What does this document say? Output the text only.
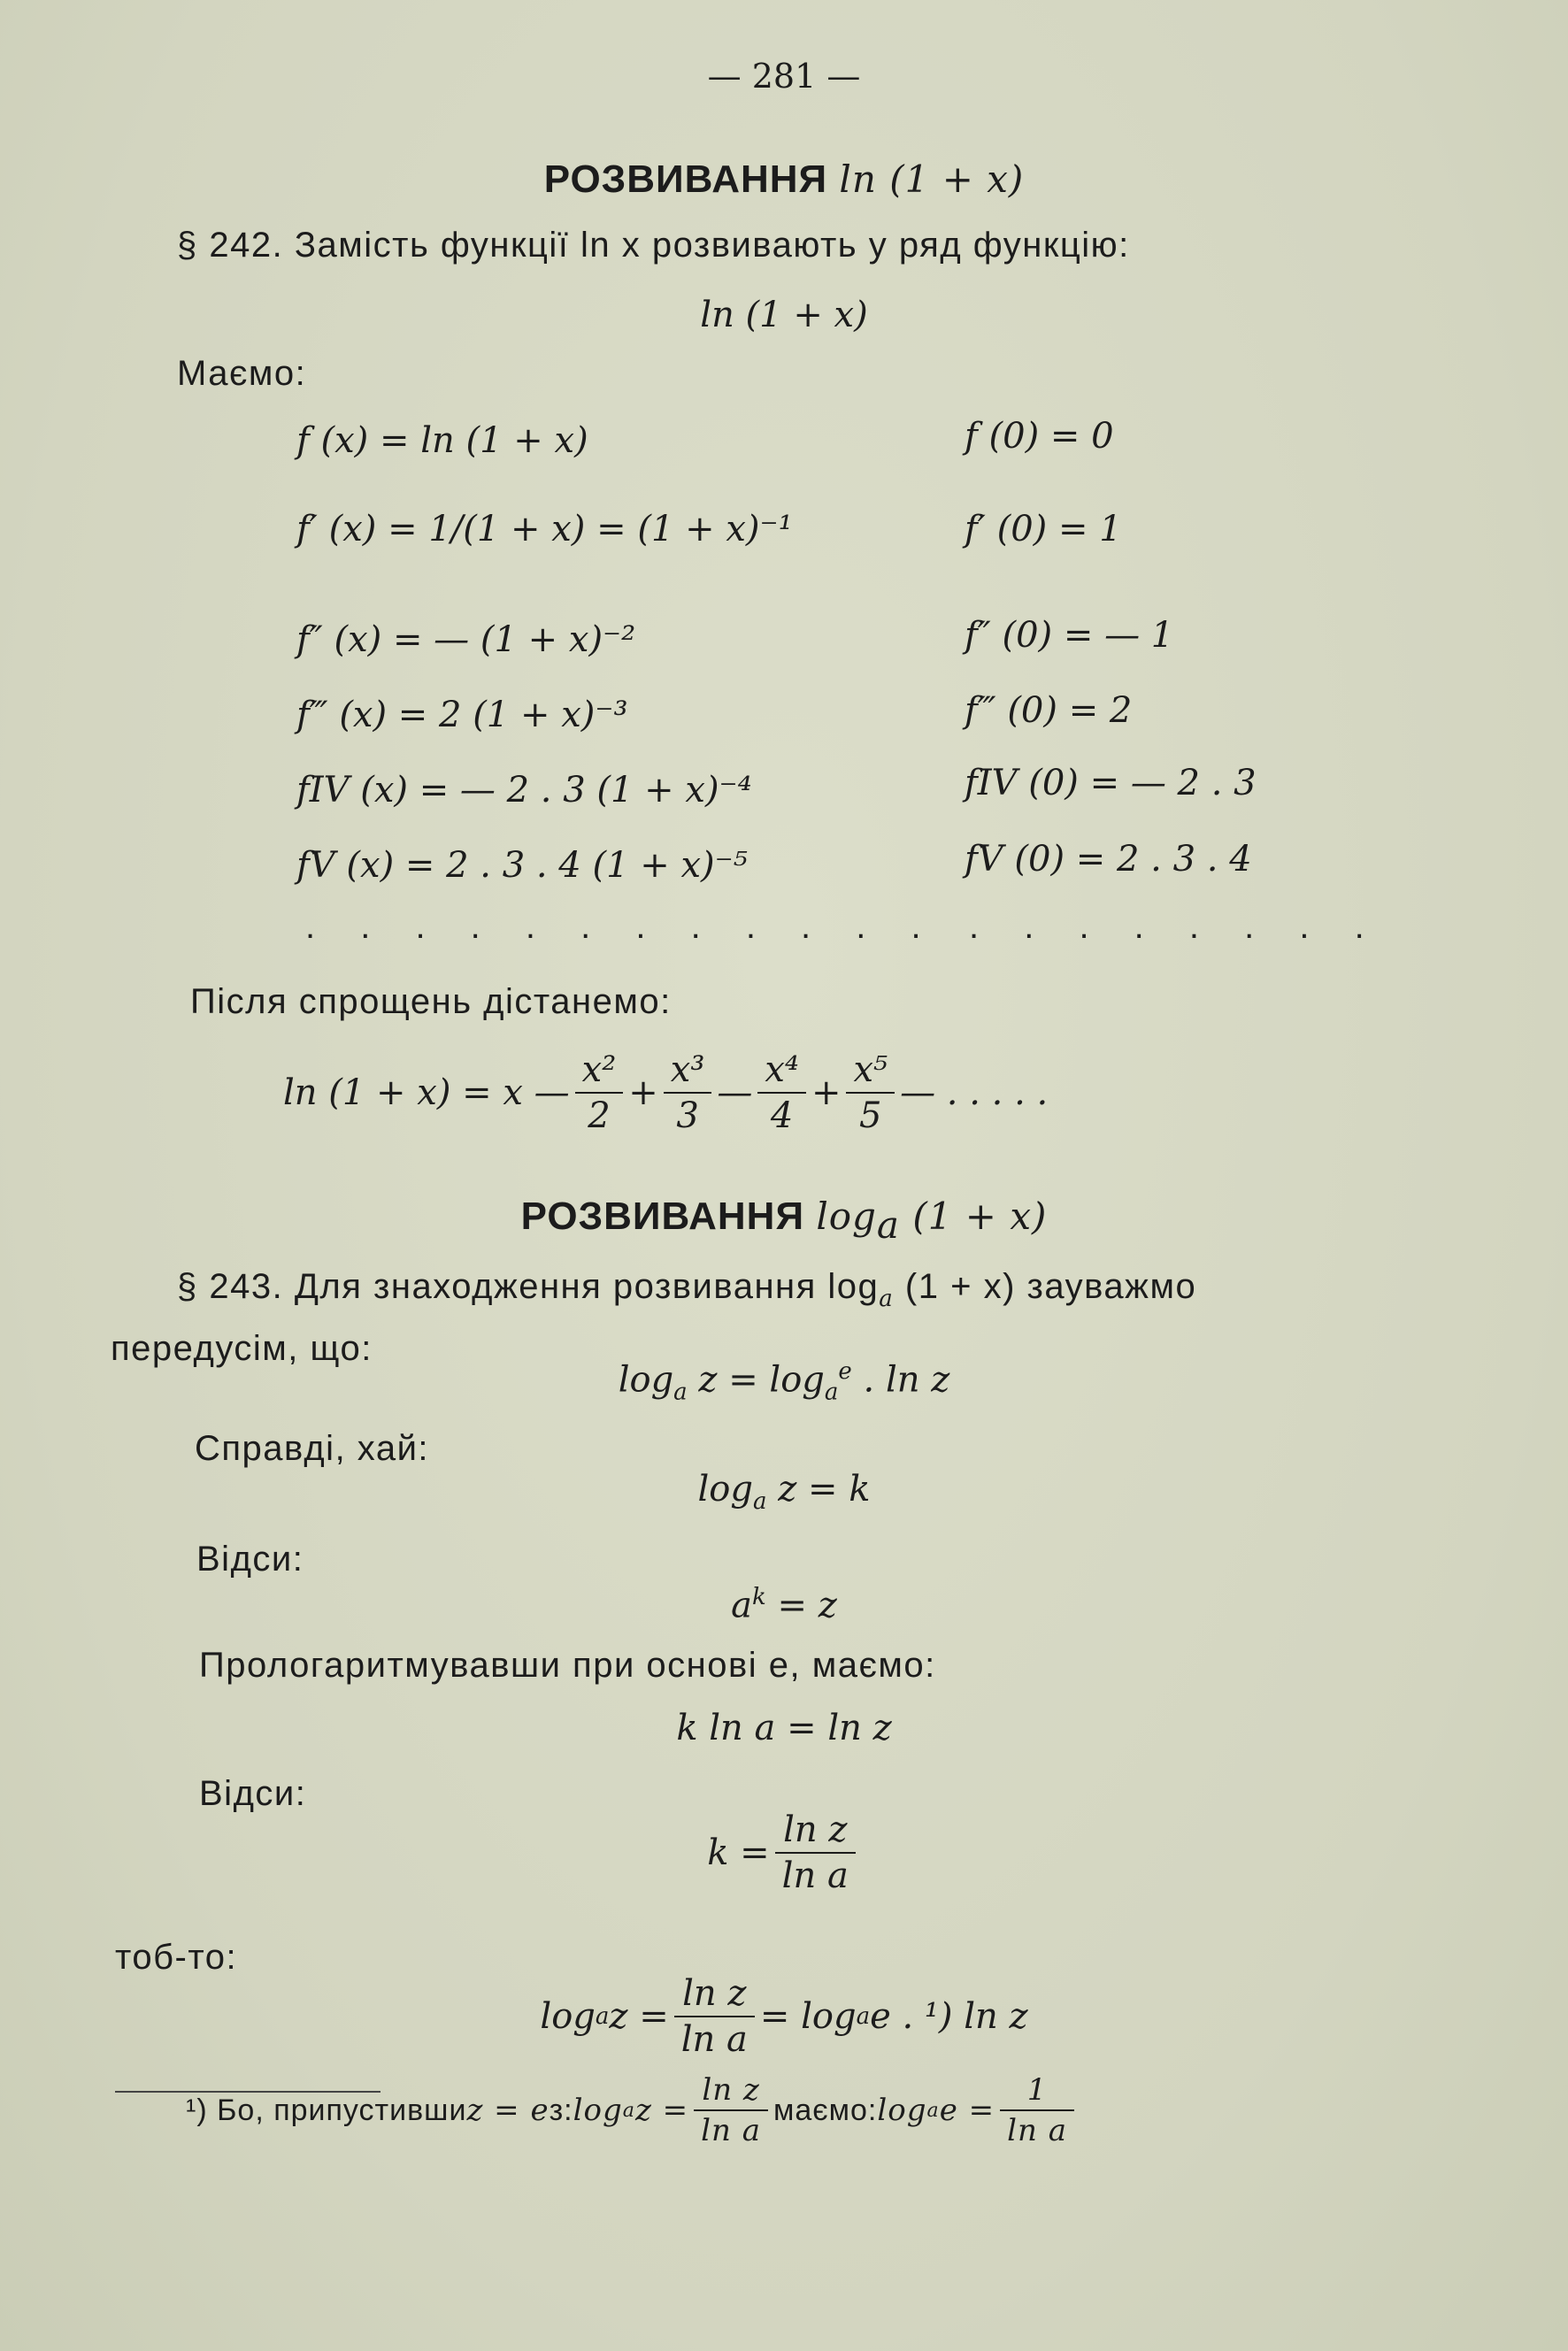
— 281 —
РОЗВИВАННЯ ln (1 + x)
§ 242. Замість функції ln x розвивають у ряд функцію:
ln (1 + x)
Маємо:
f (x) = ln (1 + x)	f (0) = 0
f′ (x) = 1/(1 + x) = (1 + x)⁻¹	f′ (0) = 1
f″ (x) = — (1 + x)⁻²	f″ (0) = — 1
f‴ (x) = 2 (1 + x)⁻³	f‴ (0) = 2
fIV (x) = — 2 . 3 (1 + x)⁻⁴	fIV (0) = — 2 . 3
fV (x) = 2 . 3 . 4 (1 + x)⁻⁵	fV (0) = 2 . 3 . 4
. . . . . . . . . . . . . . . . . . . .
Після спрощень дістанемо:
ln (1 + x) = x — $\frac{\text{x²}}{2} + \frac{\text{x³}}{3}$ — $\frac{\text{x⁴}}{4} + \frac{\text{x⁵}}{5}$ — . . . . .
РОЗВИВАННЯ $\log_a (1 + x)$
§ 243. Для знаходження розвивання $\log_a (1 + x)$ зауважмо
передусім, що:
$\log_a z = \log_a^e$ . ln z
Справді, хай:
$\log_a z = k$
Відси:
$a^k = z$
Прологаритмувавши при основі e, маємо:
k ln a = ln z
Відси:
$k = \frac{\text{ln z}}{\text{ln a}}$
тоб-то:
log a $z = \frac{\text{ln z}}{\text{ln a}} = \log a$ e . ¹) ln z
¹) Бо, припустивши z = e з: log a $z = \frac{\text{ln z}}{\text{ln a}}$ маємо: log a $e = \frac{1}{\text{ln a}}$
